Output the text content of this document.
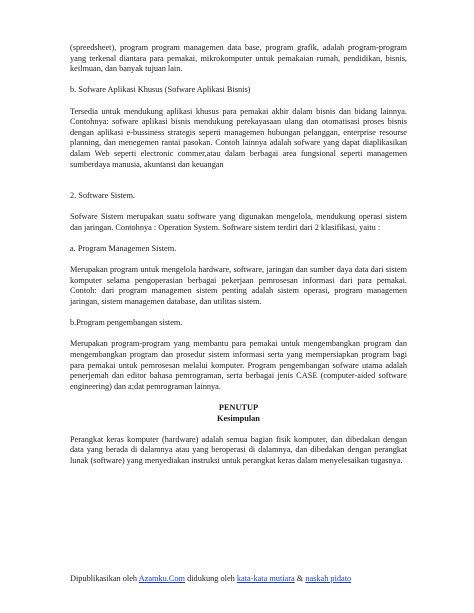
(spreedsheet), program program managemen data base, program grafik, adalah program-program yang terkenal diantara para pemakai, mikrokomputer untuk pemakaian rumah, pendidikan, bisnis, keilmuan, dan banyak tujuan lain.

b. Sofware Aplikasi Khusus (Sofware Aplikasi Bisnis)

Tersedia untuk mendukung aplikasi khusus para pemakai akhir dalam bisnis dan bidang lainnya. Contohnya: sofware aplikasi bisnis mendukung perekayasaan ulang dan otomatisasi proses bisnis dengan aplikasi e-bussiness strategis seperti managemen hubungan pelanggan, enterprise resourse planning, dan menegemen rantai pasokan. Contoh lainnya adalah sofware yang dapat diaplikasikan dalam Web seperti electronic commer,atau dalam berbagai area fungsional seperti managemen sumberdaya manusia, akuntansi dan keuangan

2. Software Sistem.

Sofware Sistem merupakan suatu software yang digunakan mengelola, mendukung operasi sistem dan jaringan. Contohnya : Operation System. Software sistem terdiri dari 2 klasifikasi, yaitu :

a. Program Managemen Sistem.

Merupakan program untuk mengelola hardware, software, jaringan dan sumber daya data dari sistem komputer selama pengoperasian berbagai pekerjaan pemrosesan informasi dari para pemakai. Contoh: dari program managemen sistem penting adalah sistem operasi, program managemen jaringan, sistem managemen database, dan utilitas sistem.

b.Program pengembangan sistem.

Merupakan program-program yang membantu para pemakai untuk mengembangkan program dan mengembangkan program dan prosedur sistem informasi serta yang mempersiapkan program bagi para pemakai untuk pemrosesan melalui komputer. Program pengembangan sofware utama adalah penerjemah dan editor bahasa pemrograman, serta berbagai jenis CASE (computer-aided software engineering) dan a;dat pemrograman lainnya.

PENUTUP

Kesimpulan

Perangkat keras komputer (hardware) adalah semua bagian fisik komputer, dan dibedakan dengan data yang berada di dalamnya atau yang beroperasi di dalamnya, dan dibedakan dengan perangkat lunak (software) yang menyediakan instruksi untuk perangkat keras dalam menyelesaikan tugasnya.

Dipublikasikan oleh Azamku.Com didukung oleh kata-kata mutiara & naskah pidato
